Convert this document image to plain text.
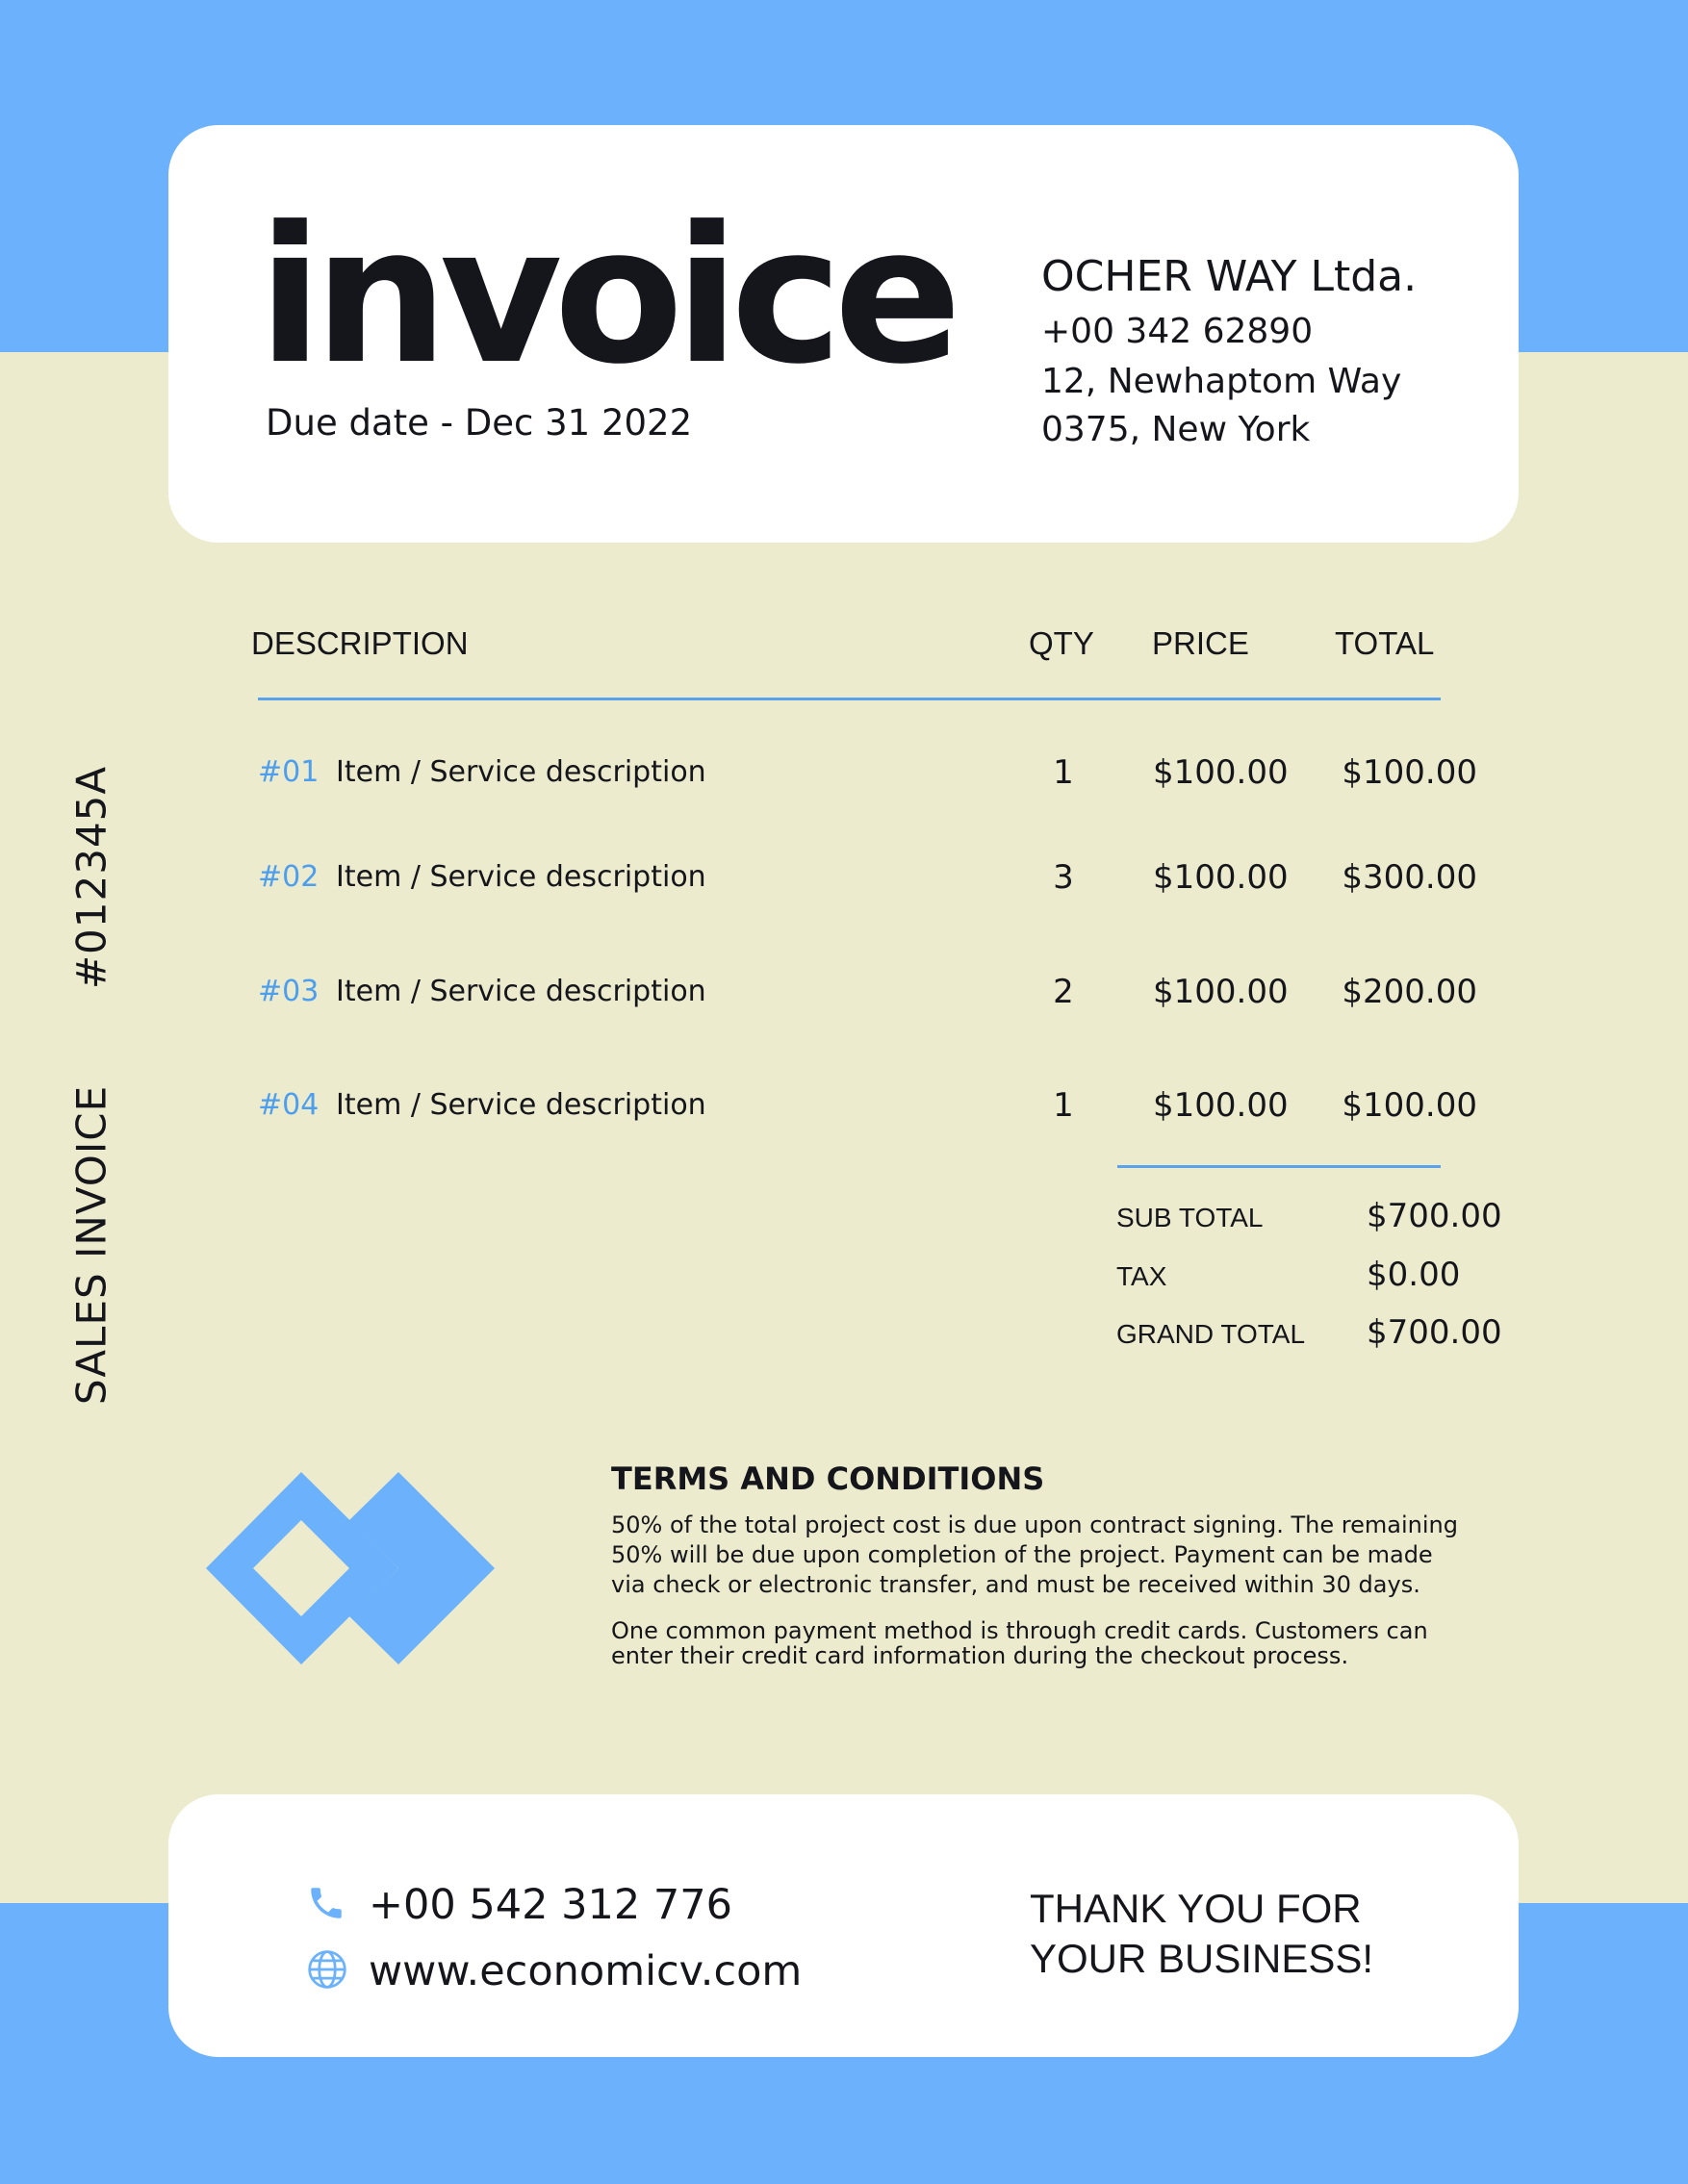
invoice
Due date - Dec 31 2022
OCHER WAY Ltda.
+00 342 62890
12, Newhaptom Way
0375, New York
SALES INVOICE
#012345A
DESCRIPTION	QTY PRICE	TOTAL
#01 Item / Service description	1	$100.00 $100.00
#02 Item / Service description	3	$100.00 $300.00
#03 Item / Service description	2	$100.00 $200.00
#04 Item / Service description	1	$100.00 $100.00
SUB TOTAL	$700.00
TAX	$0.00
GRAND TOTAL $700.00
TERMS AND CONDITIONS
50% of the total project cost is due upon contract signing. The remaining 50% will be due upon completion of the project. Payment can be made via check or electronic transfer, and must be received within 30 days.
One common payment method is through credit cards. Customers can enter their credit card information during the checkout process.
+00 542 312 776
www.economicv.com
THANK YOU FOR
YOUR BUSINESS!
